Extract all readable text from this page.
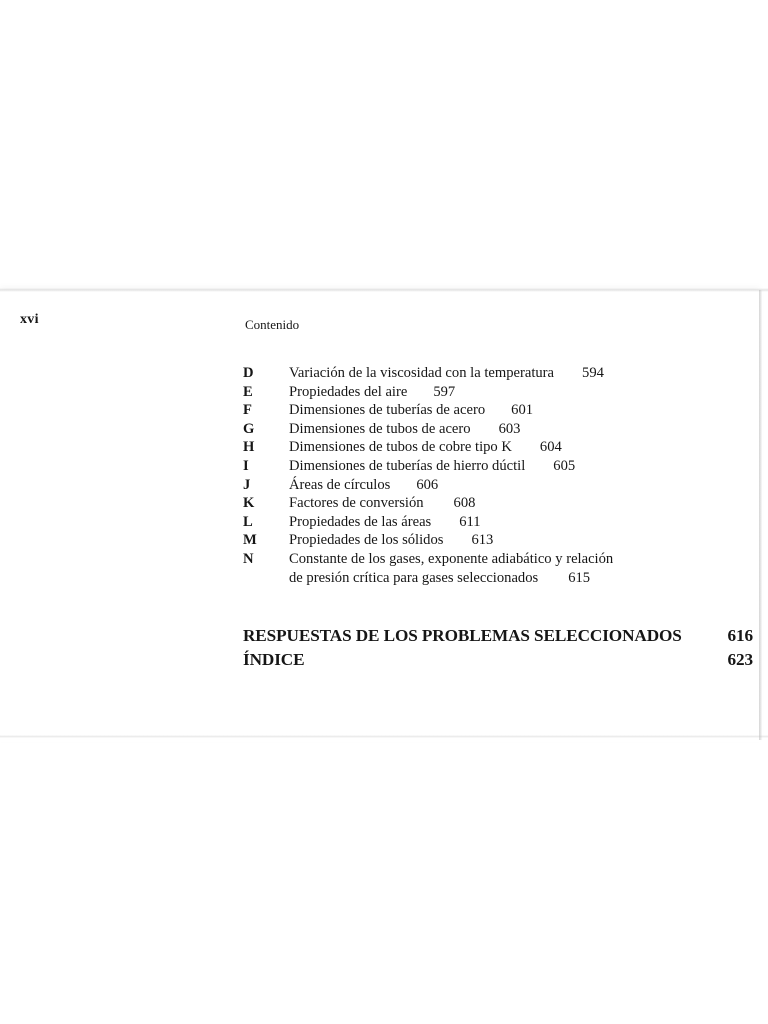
xvi	Contenido
D	Variación de la viscosidad con la temperatura 594
E	Propiedades del aire 597
F	Dimensiones de tuberías de acero 601
G	Dimensiones de tubos de acero 603
H	Dimensiones de tubos de cobre tipo K 604
I	Dimensiones de tuberías de hierro dúctil 605
J	Áreas de círculos 606
K	Factores de conversión 608
L	Propiedades de las áreas 611
M	Propiedades de los sólidos 613
N	Constante de los gases, exponente adiabático y relación
de presión crítica para gases seleccionados 615
RESPUESTAS DE LOS PROBLEMAS SELECCIONADOS	616
ÍNDICE	623
